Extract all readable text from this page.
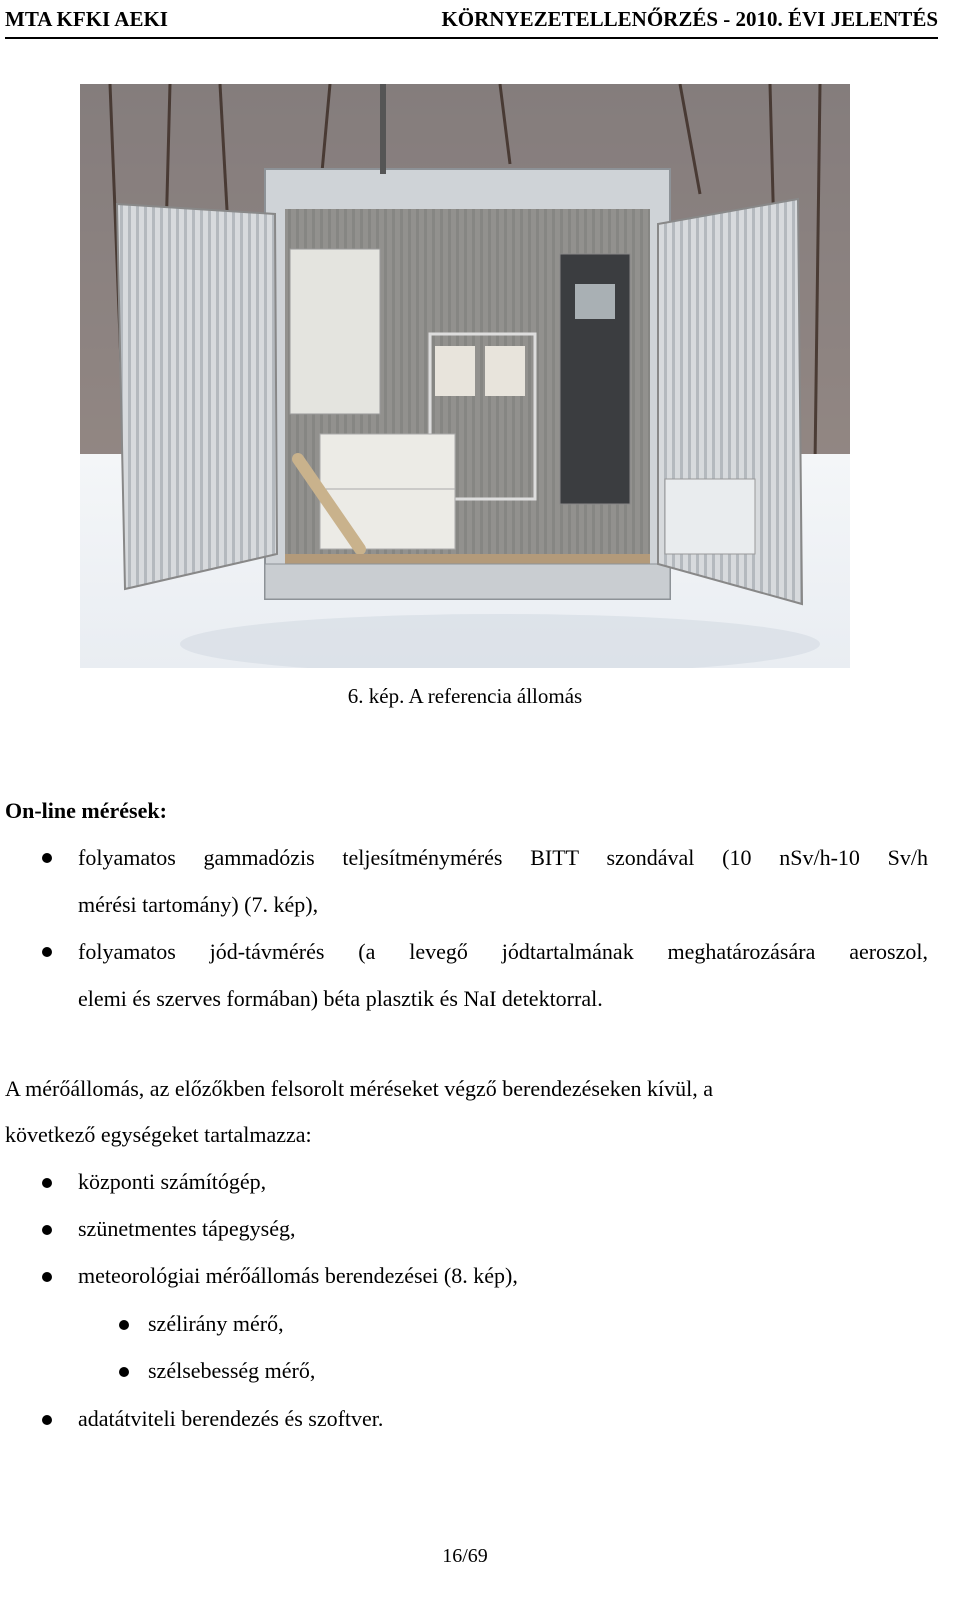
MTA KFKI AEKI	KÖRNYEZETELLENŐRZÉS - 2010. ÉVI JELENTÉS
6. kép. A referencia állomás
On-line mérések:
folyamatos gammadózis teljesítménymérés BITT szondával (10 nSv/h-10 Sv/h
mérési tartomány) (7. kép),
folyamatos jód-távmérés (a levegő jódtartalmának meghatározására aeroszol,
elemi és szerves formában) béta plasztik és NaI detektorral.
A mérőállomás, az előzőkben felsorolt méréseket végző berendezéseken kívül, a
következő egységeket tartalmazza:
központi számítógép,
szünetmentes tápegység,
meteorológiai mérőállomás berendezései (8. kép),
szélirány mérő,
szélsebesség mérő,
adatátviteli berendezés és szoftver.
16/69
